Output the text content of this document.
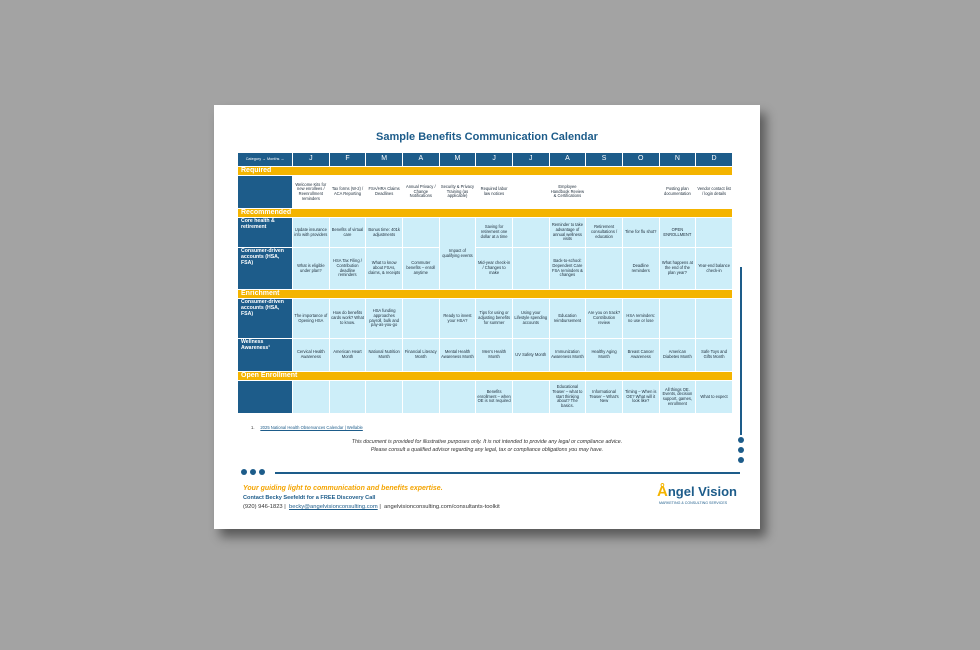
Sample Benefits Communication Calendar
Category → Months →	J	F	M	A	M	J	J	A	S	O	N	D
Required												
	Welcome Kits for new enrollees / Reenrollment reminders	Tax forms (W-2) / ACA Reporting	FSA/HRA Claims Deadlines	Annual Privacy / Change Notifications	Security & Privacy Training (as applicable)	Required labor law notices		Employee Handbook Review & Certifications			Posting plan documentation	Vendor contact list / login details
Recommended												
Core health & retirement	Update insurance info with providers	Benefits of virtual care	Bonus time: 401k adjustments		Impact of qualifying events	Saving for retirement one dollar at a time		Reminder to take advantage of annual wellness visits	Retirement consultations / education	Time for flu shot?	OPEN ENROLLMENT	
Consumer-driven accounts (HSA, FSA)	What is eligible under plan?	HSA Tax Filing / Contribution deadline reminders	What to know about FSAs, claims, & receipts	Commuter benefits – enroll anytime		Mid-year check-in / Changes to make		Back-to-school: Dependent Care FSA reminders & changes		Deadline reminders	What happens at the end of the plan year?	Year-end balance check-in
Enrichment												
Consumer-driven accounts (HSA, FSA)	The importance of Opening HSA	How do benefits cards work? What to know.	HSA funding approaches payroll, bulk and pay-as-you-go		Ready to invest your HSA?	Tips for using or adjusting benefits for summer	Using your Lifestyle spending accounts	Education reimbursement	Are you on track? Contribution review	HSA reminders: no use or lose		
Wellness Awareness¹	Cervical Health Awareness	American Heart Month	National Nutrition Month	Financial Literacy Month	Mental Health Awareness Month	Men’s Health Month	UV Safety Month	Immunization Awareness Month	Healthy Aging Month	Breast Cancer Awareness	American Diabetes Month	Safe Toys and Gifts Month
Open Enrollment												
						Benefits enrollment – when OE is not required		Educational Teaser – what to start thinking about? The basics.	Informational Teaser – What’s New	Timing – When is OE? What will it look like?	All things OE. Events, decision support, games, enrollment	What to expect
1. 2025 National Health Observances Calendar | Wellable
This document is provided for illustrative purposes only. It is not intended to provide any legal or compliance advice.
Please consult a qualified advisor regarding any legal, tax or compliance obligations you may have.
Your guiding light to communication and benefits expertise.
Contact Becky Seefeldt for a FREE Discovery Call
(920) 946-1823 |  becky@angelvisionconsulting.com |  angelvisionconsulting.com/consultants-toolkit
Å ngel Vision
MARKETING & CONSULTING SERVICES
